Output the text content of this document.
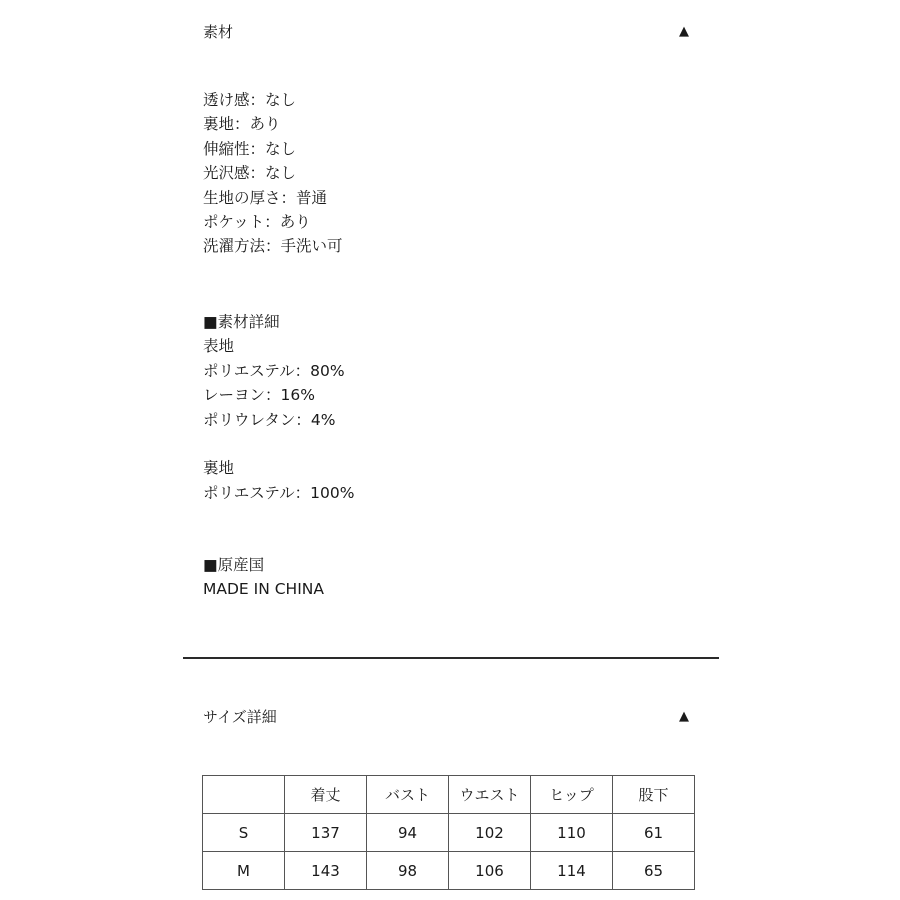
素材	▲
透け感：なし
裏地：あり
伸縮性：なし
光沢感：なし
生地の厚さ：普通
ポケット：あり
洗濯方法：手洗い可
■素材詳細
表地
ポリエステル：80%
レーヨン：16%
ポリウレタン：4%
裏地
ポリエステル：100%
■原産国
MADE IN CHINA
サイズ詳細	▲
	着丈	バスト	ウエスト	ヒップ	股下
S	137	94	102	110	61
M	143	98	106	114	65
